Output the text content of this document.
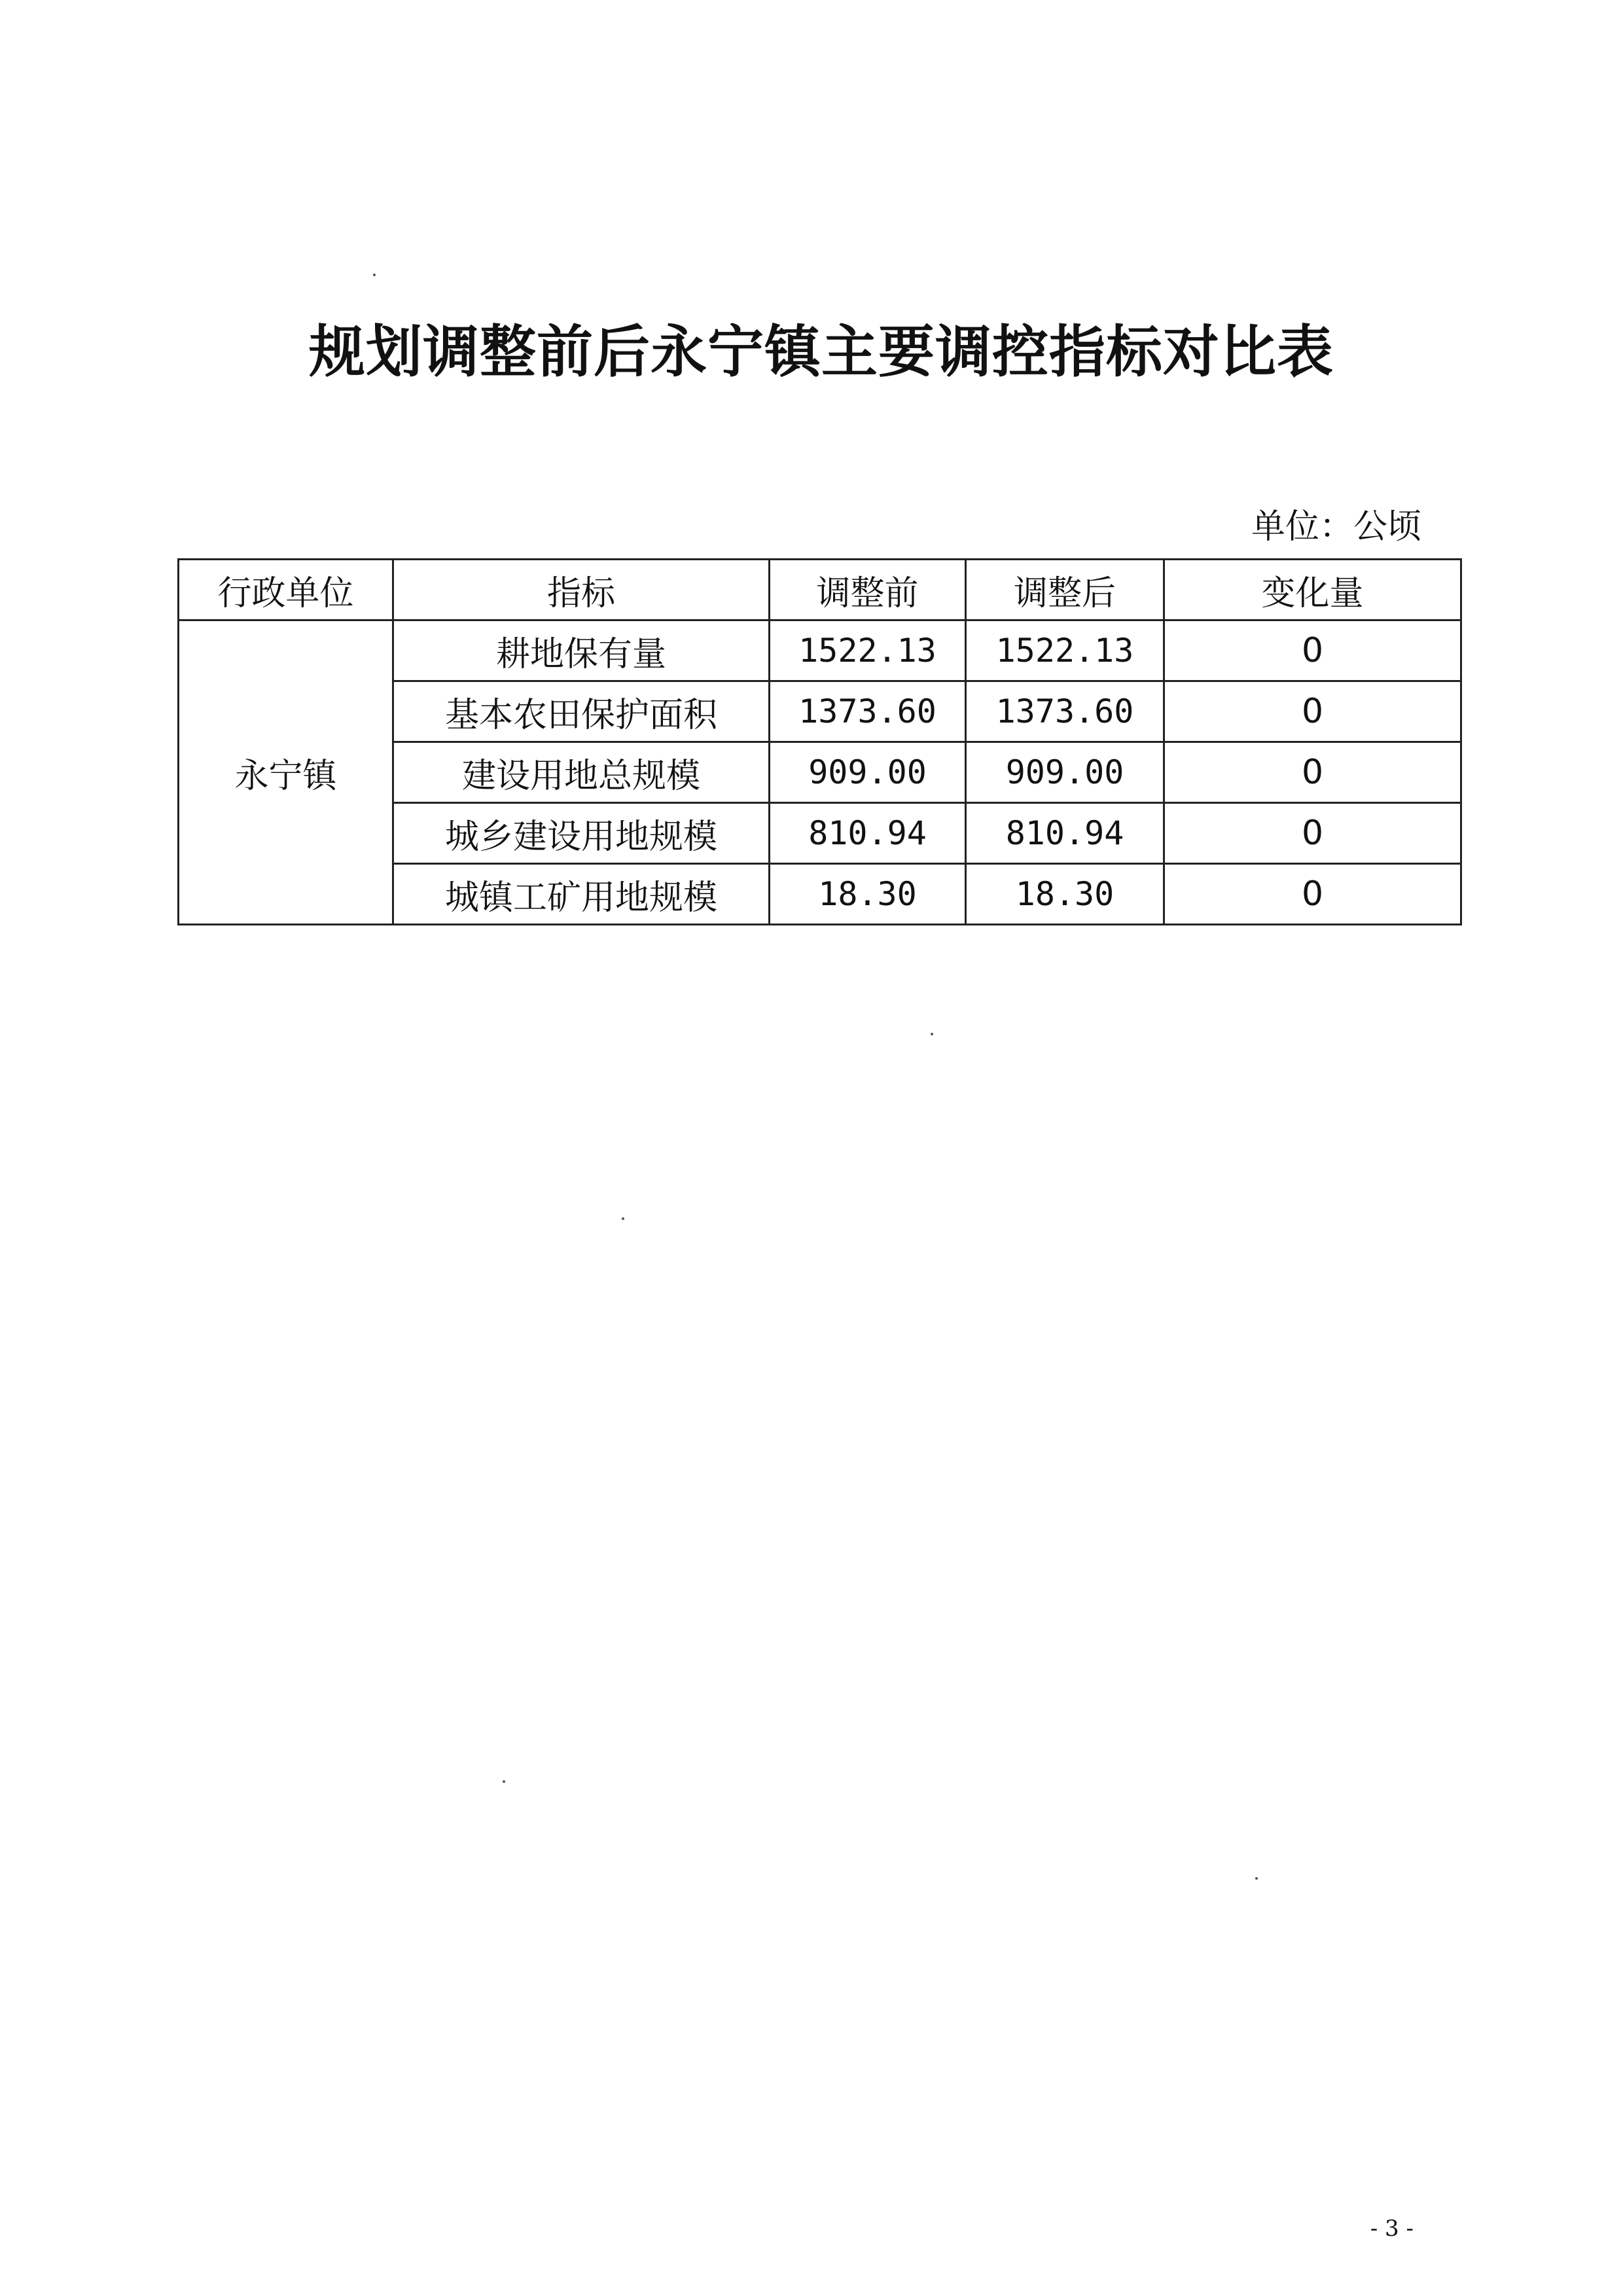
规划调整前后永宁镇主要调控指标对比表
单位：公顷
行政单位	指标	调整前	调整后	变化量
永宁镇	耕地保有量	1522.13	1522.13	0
	基本农田保护面积	1373.60	1373.60	0
	建设用地总规模	909.00	909.00	0
	城乡建设用地规模	810.94	810.94	0
	城镇工矿用地规模	18.30	18.30	0
- 3 -
